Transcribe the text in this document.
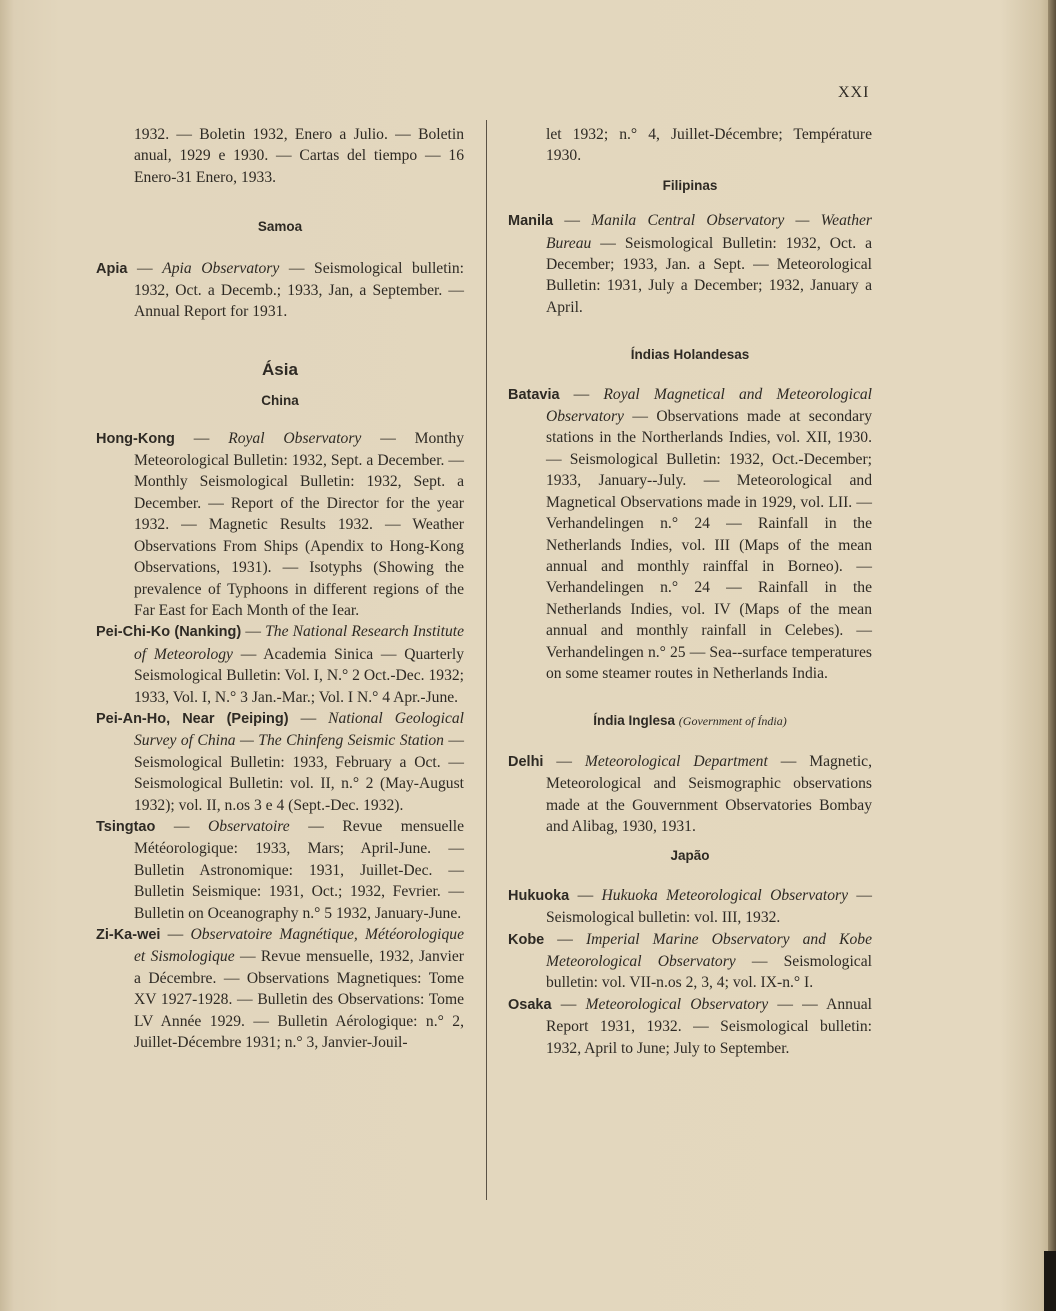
XXI

1932. — Boletin 1932, Enero a Julio. — Boletin anual, 1929 e 1930. — Cartas del tiempo — 16 Enero-31 Enero, 1933.

Samoa

Apia — Apia Observatory — Seismological bulletin: 1932, Oct. a Decemb.; 1933, Jan, a September. — Annual Report for 1931.

Ásia

China

Hong-Kong — Royal Observatory — Monthy Meteorological Bulletin: 1932, Sept. a December. — Monthly Seismological Bulletin: 1932, Sept. a December. — Report of the Director for the year 1932. — Magnetic Results 1932. — Weather Observations From Ships (Apendix to Hong-Kong Observations, 1931). — Isotyphs (Showing the prevalence of Typhoons in different regions of the Far East for Each Month of the Iear.

Pei-Chi-Ko (Nanking) — The National Research Institute of Meteorology — Academia Sinica — Quarterly Seismological Bulletin: Vol. I, N.° 2 Oct.-Dec. 1932; 1933, Vol. I, N.° 3 Jan.-Mar.; Vol. I N.° 4 Apr.-June.

Pei-An-Ho, Near (Peiping) — National Geological Survey of China — The Chinfeng Seismic Station — Seismological Bulletin: 1933, February a Oct. — Seismological Bulletin: vol. II, n.° 2 (May-August 1932); vol. II, n.os 3 e 4 (Sept.-Dec. 1932).

Tsingtao — Observatoire — Revue mensuelle Météorologique: 1933, Mars; April-June. — Bulletin Astronomique: 1931, Juillet-Dec. — Bulletin Seismique: 1931, Oct.; 1932, Fevrier. — Bulletin on Oceanography n.° 5 1932, January-June.

Zi-Ka-wei — Observatoire Magnétique, Météorologique et Sismologique — Revue mensuelle, 1932, Janvier a Décembre. — Observations Magnetiques: Tome XV 1927-1928. — Bulletin des Observations: Tome LV Année 1929. — Bulletin Aérologique: n.° 2, Juillet-Décembre 1931; n.° 3, Janvier-Jouil-

let 1932; n.° 4, Juillet-Décembre; Température 1930.

Filipinas

Manila — Manila Central Observatory — Weather Bureau — Seismological Bulletin: 1932, Oct. a December; 1933, Jan. a Sept. — Meteorological Bulletin: 1931, July a December; 1932, January a April.

Índias Holandesas

Batavia — Royal Magnetical and Meteorological Observatory — Observations made at secondary stations in the Northerlands Indies, vol. XII, 1930. — Seismological Bulletin: 1932, Oct.-December; 1933, January--July. — Meteorological and Magnetical Observations made in 1929, vol. LII. — Verhandelingen n.° 24 — Rainfall in the Netherlands Indies, vol. III (Maps of the mean annual and monthly rainffal in Borneo). — Verhandelingen n.° 24 — Rainfall in the Netherlands Indies, vol. IV (Maps of the mean annual and monthly rainfall in Celebes). — Verhandelingen n.° 25 — Sea--surface temperatures on some steamer routes in Netherlands India.

Índia Inglesa (Government of Índia)

Delhi — Meteorological Department — Magnetic, Meteorological and Seismographic observations made at the Gouvernment Observatories Bombay and Alibag, 1930, 1931.

Japão

Hukuoka — Hukuoka Meteorological Observatory — Seismological bulletin: vol. III, 1932.

Kobe — Imperial Marine Observatory and Kobe Meteorological Observatory — Seismological bulletin: vol. VII-n.os 2, 3, 4; vol. IX-n.° I.

Osaka — Meteorological Observatory — — Annual Report 1931, 1932. — Seismological bulletin: 1932, April to June; July to September.
